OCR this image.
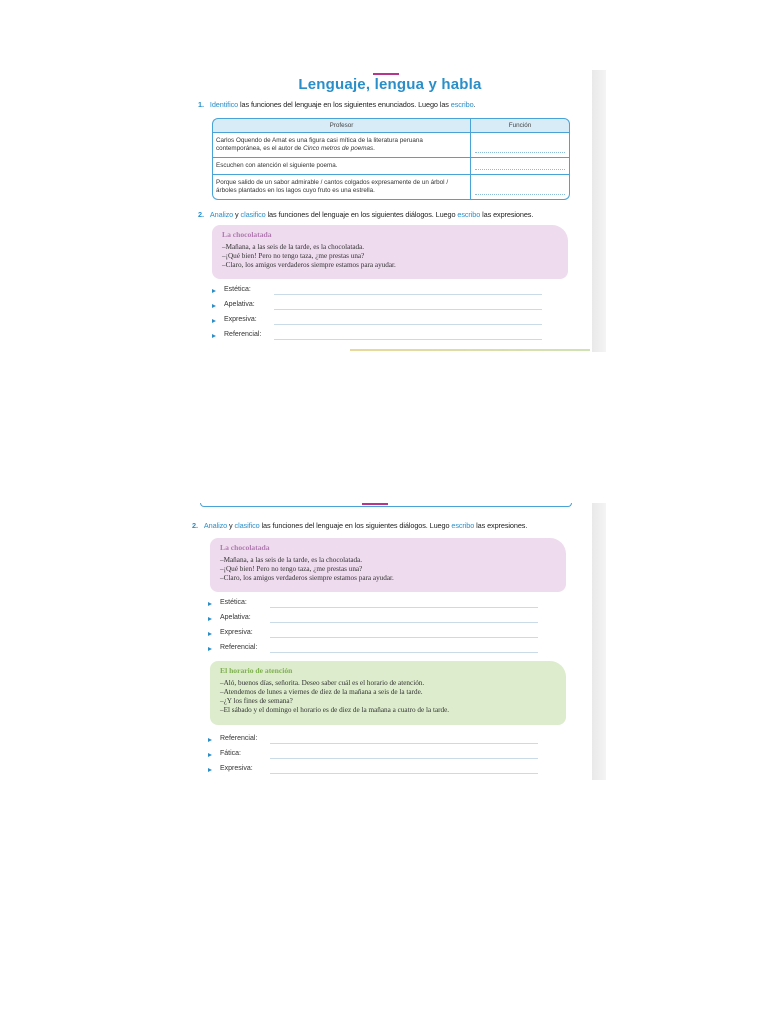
Lenguaje, lengua y habla
1. Identifico las funciones del lenguaje en los siguientes enunciados. Luego las escribo.
Profesor	Función
Carlos Oquendo de Amat es una figura casi mítica de la literatura peruana contemporánea, es el autor de Cinco metros de poemas.	
Escuchen con atención el siguiente poema.	
Porque salido de un sabor admirable / cantos colgados expresamente de un árbol / árboles plantados en los lagos cuyo fruto es una estrella.	
2. Analizo y clasifico las funciones del lenguaje en los siguientes diálogos. Luego escribo las expresiones.
La chocolatada
–Mañana, a las seis de la tarde, es la chocolatada.
–¡Qué bien! Pero no tengo taza, ¿me prestas una?
–Claro, los amigos verdaderos siempre estamos para ayudar.
Estética:
Apelativa:
Expresiva:
Referencial:
2. Analizo y clasifico las funciones del lenguaje en los siguientes diálogos. Luego escribo las expresiones.
La chocolatada
–Mañana, a las seis de la tarde, es la chocolatada.
–¡Qué bien! Pero no tengo taza, ¿me prestas una?
–Claro, los amigos verdaderos siempre estamos para ayudar.
Estética:
Apelativa:
Expresiva:
Referencial:
El horario de atención
–Aló, buenos días, señorita. Deseo saber cuál es el horario de atención.
–Atendemos de lunes a viernes de diez de la mañana a seis de la tarde.
–¿Y los fines de semana?
–El sábado y el domingo el horario es de diez de la mañana a cuatro de la tarde.
Referencial:
Fática:
Expresiva:
